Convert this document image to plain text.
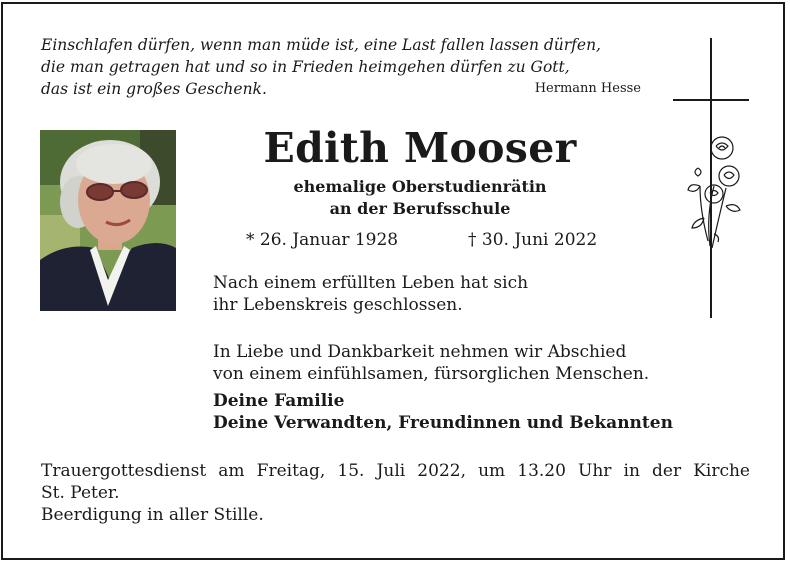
Einschlafen dürfen, wenn man müde ist, eine Last fallen lassen dürfen,
die man getragen hat und so in Frieden heimgehen dürfen zu Gott,
das ist ein großes Geschenk.	Hermann Hesse
Edith Mooser
ehemalige Oberstudienrätin
an der Berufsschule
* 26. Januar 1928	† 30. Juni 2022
Nach einem erfüllten Leben hat sich
ihr Lebenskreis geschlossen.
In Liebe und Dankbarkeit nehmen wir Abschied
von einem einfühlsamen, fürsorglichen Menschen.
Deine Familie
Deine Verwandten, Freundinnen und Bekannten
Trauergottesdienst am Freitag, 15. Juli 2022, um 13.20 Uhr in der Kirche
St. Peter.
Beerdigung in aller Stille.
